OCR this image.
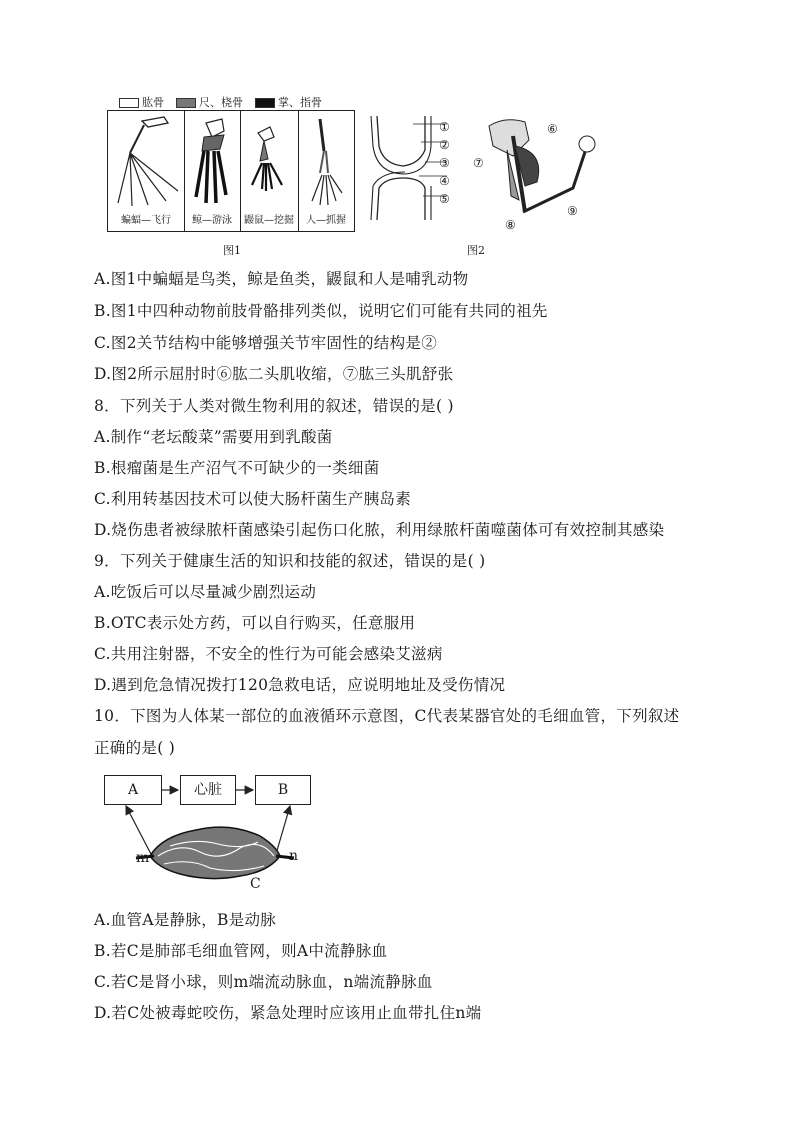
肱骨	尺、桡骨	掌、指骨
蝙蝠—飞行	鲸—游泳	鼹鼠—挖掘	人—抓握
图1
①
②
③
④
⑤
⑥
⑦
⑧
⑨
图2
A.图1中蝙蝠是鸟类，鲸是鱼类，鼹鼠和人是哺乳动物
B.图1中四种动物前肢骨骼排列类似，说明它们可能有共同的祖先
C.图2关节结构中能够增强关节牢固性的结构是②
D.图2所示屈肘时⑥肱二头肌收缩，⑦肱三头肌舒张
8．下列关于人类对微生物利用的叙述，错误的是( )
A.制作“老坛酸菜”需要用到乳酸菌
B.根瘤菌是生产沼气不可缺少的一类细菌
C.利用转基因技术可以使大肠杆菌生产胰岛素
D.烧伤患者被绿脓杆菌感染引起伤口化脓，利用绿脓杆菌噬菌体可有效控制其感染
9．下列关于健康生活的知识和技能的叙述，错误的是( )
A.吃饭后可以尽量减少剧烈运动
B.OTC表示处方药，可以自行购买，任意服用
C.共用注射器，不安全的性行为可能会感染艾滋病
D.遇到危急情况拨打120急救电话，应说明地址及受伤情况
10．下图为人体某一部位的血液循环示意图，C代表某器官处的毛细血管，下列叙述
正确的是( )
A	心脏	B
m	n
C
A.血管A是静脉，B是动脉
B.若C是肺部毛细血管网，则A中流静脉血
C.若C是肾小球，则m端流动脉血，n端流静脉血
D.若C处被毒蛇咬伤，紧急处理时应该用止血带扎住n端
